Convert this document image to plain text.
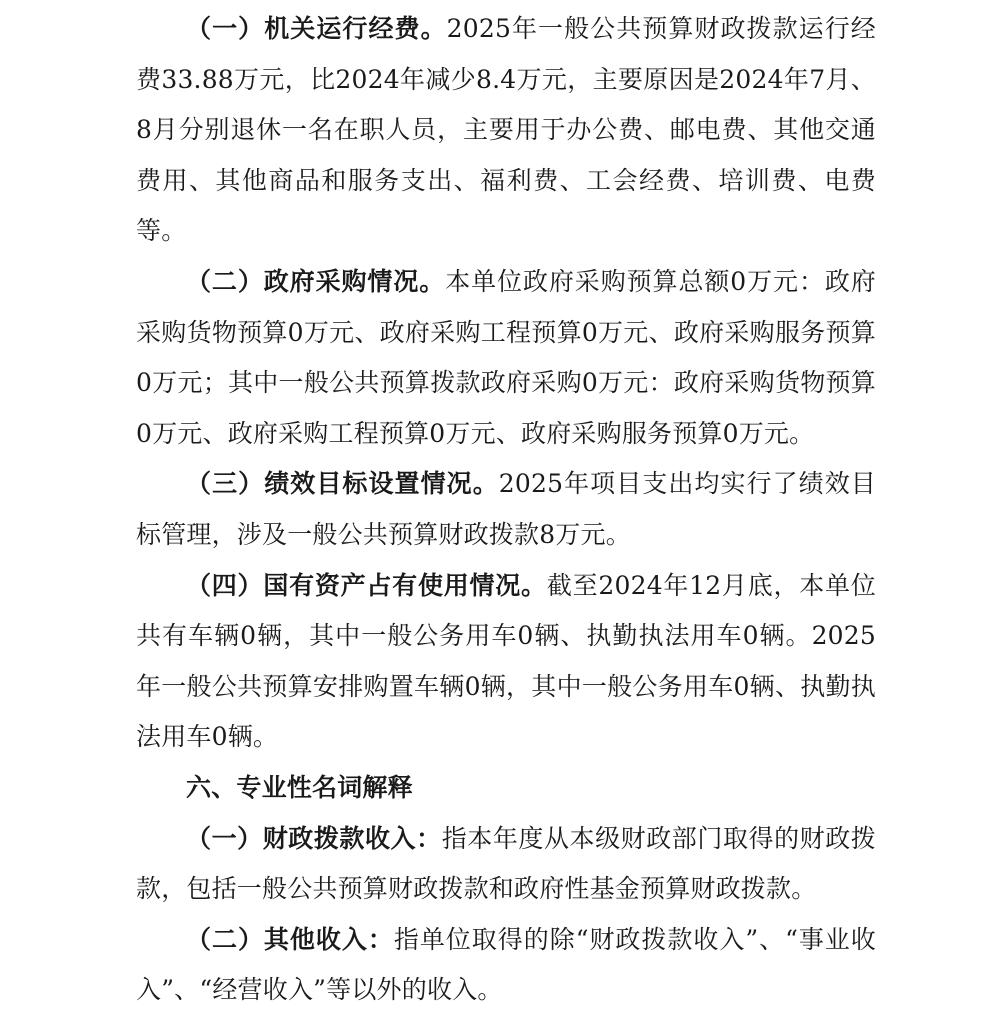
（一）机关运行经费。2025年一般公共预算财政拨款运行经费33.88万元，比2024年减少8.4万元，主要原因是2024年7月、8月分别退休一名在职人员，主要用于办公费、邮电费、其他交通费用、其他商品和服务支出、福利费、工会经费、培训费、电费等。

（二）政府采购情况。本单位政府采购预算总额0万元：政府采购货物预算0万元、政府采购工程预算0万元、政府采购服务预算0万元；其中一般公共预算拨款政府采购0万元：政府采购货物预算0万元、政府采购工程预算0万元、政府采购服务预算0万元。

（三）绩效目标设置情况。2025年项目支出均实行了绩效目标管理，涉及一般公共预算财政拨款8万元。

（四）国有资产占有使用情况。截至2024年12月底，本单位共有车辆0辆，其中一般公务用车0辆、执勤执法用车0辆。2025年一般公共预算安排购置车辆0辆，其中一般公务用车0辆、执勤执法用车0辆。

六、专业性名词解释

（一）财政拨款收入：指本年度从本级财政部门取得的财政拨款，包括一般公共预算财政拨款和政府性基金预算财政拨款。

（二）其他收入：指单位取得的除“财政拨款收入”、“事业收入”、“经营收入”等以外的收入。
